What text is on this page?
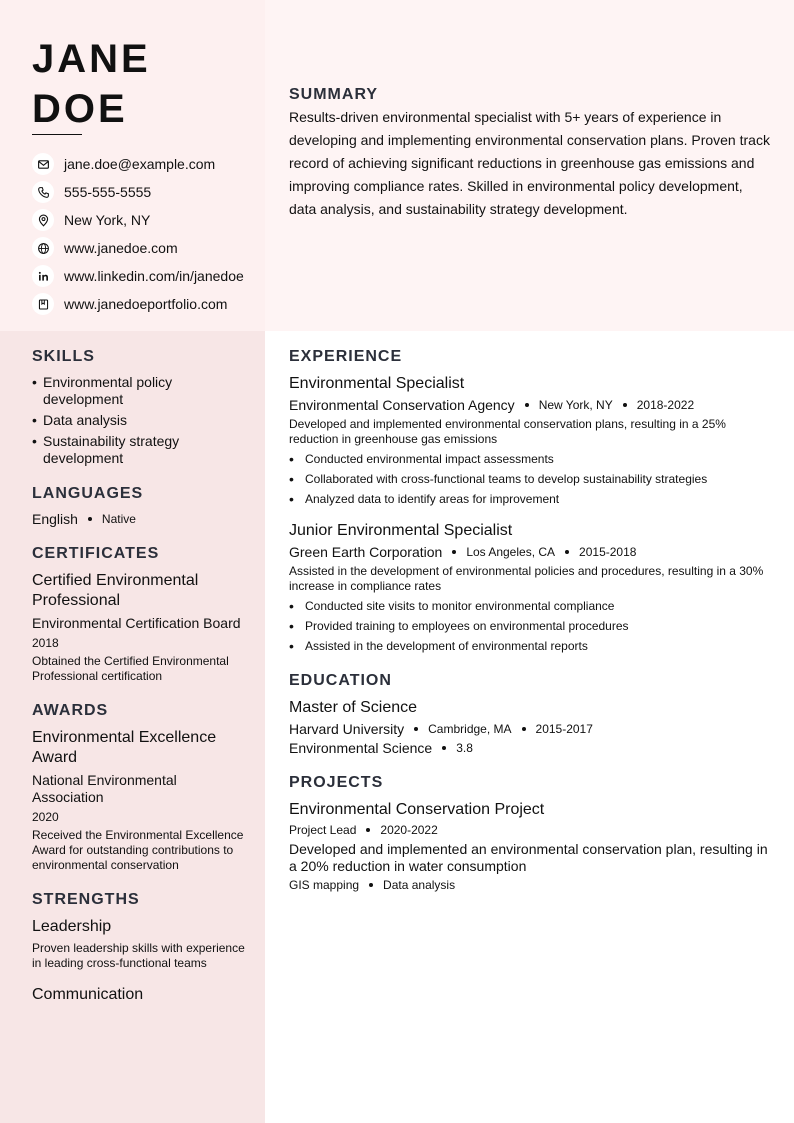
JANE
DOE
jane.doe@example.com
555-555-5555
New York, NY
www.janedoe.com
www.linkedin.com/in/janedoe
www.janedoeportfolio.com
SUMMARY
Results-driven environmental specialist with 5+ years of experience in developing and implementing environmental conservation plans. Proven track record of achieving significant reductions in greenhouse gas emissions and improving compliance rates. Skilled in environmental policy development, data analysis, and sustainability strategy development.
SKILLS
• Environmental policy development
• Data analysis
• Sustainability strategy development
LANGUAGES
English Native
CERTIFICATES
Certified Environmental Professional
Environmental Certification Board
2018
Obtained the Certified Environmental Professional certification
AWARDS
Environmental Excellence Award
National Environmental Association
2020
Received the Environmental Excellence Award for outstanding contributions to environmental conservation
STRENGTHS
Leadership
Proven leadership skills with experience in leading cross-functional teams
Communication
EXPERIENCE
Environmental Specialist
Environmental Conservation Agency New York, NY 2018-2022
Developed and implemented environmental conservation plans, resulting in a 25% reduction in greenhouse gas emissions
• Conducted environmental impact assessments
• Collaborated with cross-functional teams to develop sustainability strategies
• Analyzed data to identify areas for improvement
Junior Environmental Specialist
Green Earth Corporation Los Angeles, CA 2015-2018
Assisted in the development of environmental policies and procedures, resulting in a 30% increase in compliance rates
• Conducted site visits to monitor environmental compliance
• Provided training to employees on environmental procedures
• Assisted in the development of environmental reports
EDUCATION
Master of Science
Harvard University Cambridge, MA 2015-2017
Environmental Science 3.8
PROJECTS
Environmental Conservation Project
Project Lead 2020-2022
Developed and implemented an environmental conservation plan, resulting in a 20% reduction in water consumption
GIS mapping Data analysis
